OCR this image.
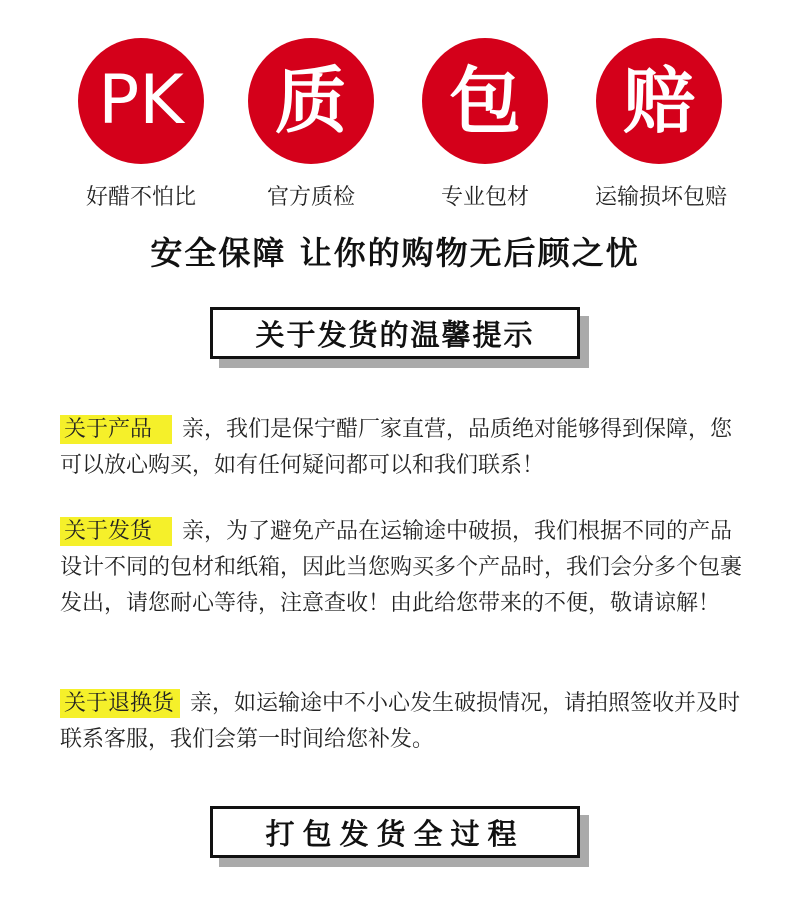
PK 质 包 赔
好醋不怕比	官方质检	专业包材	运输损坏包赔
安全保障 让你的购物无后顾之忧
关于发货的温馨提示
关于产品 亲，我们是保宁醋厂家直营，品质绝对能够得到保障，您可以放心购买，如有任何疑问都可以和我们联系！
关于发货 亲，为了避免产品在运输途中破损，我们根据不同的产品设计不同的包材和纸箱，因此当您购买多个产品时，我们会分多个包裹发出，请您耐心等待，注意查收！由此给您带来的不便，敬请谅解！
关于退换货 亲，如运输途中不小心发生破损情况，请拍照签收并及时联系客服，我们会第一时间给您补发。
打包发货全过程
